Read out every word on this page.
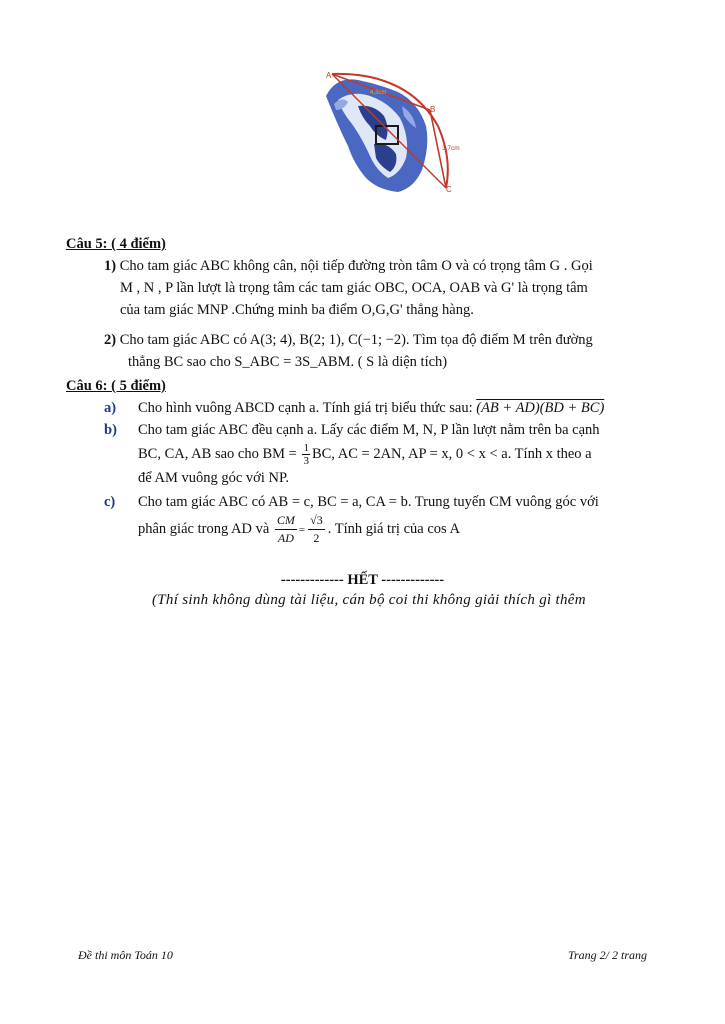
A
B
C
4,3cm
3,7cm
Câu 5: ( 4 điểm)
1) Cho tam giác ABC không cân, nội tiếp đường tròn tâm O và có trọng tâm G . Gọi
M , N , P lần lượt là trọng tâm các tam giác OBC, OCA, OAB và G' là trọng tâm
của tam giác MNP .Chứng minh ba điểm O,G,G' thẳng hàng.
2) Cho tam giác ABC có A(3; 4), B(2; 1), C(−1; −2). Tìm tọa độ điểm M trên đường
thẳng BC sao cho S_ABC = 3S_ABM. ( S là diện tích)
Câu 6: ( 5 điểm)
a) Cho hình vuông ABCD cạnh a. Tính giá trị biểu thức sau: (AB + AD)(BD + BC)
b) Cho tam giác ABC đều cạnh a. Lấy các điểm M, N, P lần lượt nằm trên ba cạnh
BC, CA, AB sao cho BM = $\frac{1}{3}$ BC, AC = 2AN, AP = x, 0 < x < a. Tính x theo a
để AM vuông góc với NP.
c) Cho tam giác ABC có AB = c, BC = a, CA = b. Trung tuyến CM vuông góc với
phân giác trong AD và $\frac{CM}{AD} = \frac{√3}{2}$ . Tính giá trị của cos A
------------- HẾT -------------
(Thí sinh không dùng tài liệu, cán bộ coi thi không giải thích gì thêm
Đề thi môn Toán 10	Trang 2/ 2 trang
